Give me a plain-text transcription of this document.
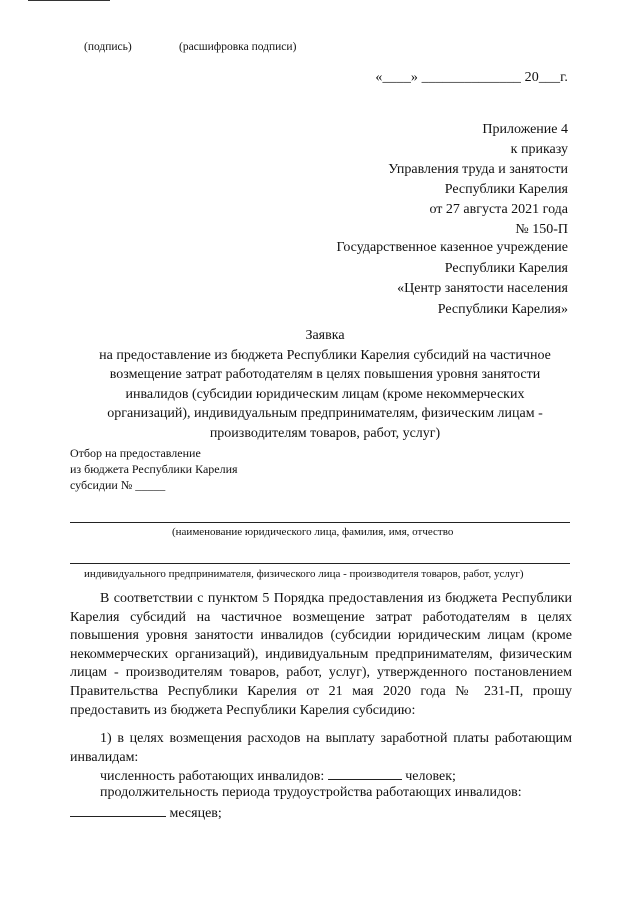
(подпись)	(расшифровка подписи)
«____» ______________ 20___г.
Приложение 4
к приказу
Управления труда и занятости
Республики Карелия
от 27 августа 2021 года
№ 150-П
Государственное казенное учреждение
Республики Карелия
«Центр занятости населения
Республики Карелия»
Заявка
на предоставление из бюджета Республики Карелия субсидий на частичное
возмещение затрат работодателям в целях повышения уровня занятости
инвалидов (субсидии юридическим лицам (кроме некоммерческих
организаций), индивидуальным предпринимателям, физическим лицам -
производителям товаров, работ, услуг)
Отбор на предоставление
из бюджета Республики Карелия
субсидии № _____
(наименование юридического лица, фамилия, имя, отчество
индивидуального предпринимателя, физического лица - производителя товаров, работ, услуг)
В соответствии с пунктом 5 Порядка предоставления из бюджета Республики Карелия субсидий на частичное возмещение затрат работодателям в целях повышения уровня занятости инвалидов (субсидии юридическим лицам (кроме некоммерческих организаций), индивидуальным предпринимателям, физическим лицам - производителям товаров, работ, услуг), утвержденного постановлением Правительства Республики Карелия от 21 мая 2020 года № 231-П, прошу предоставить из бюджета Республики Карелия субсидию:
1) в целях возмещения расходов на выплату заработной платы работающим инвалидам:
численность работающих инвалидов:	человек;
продолжительность периода трудоустройства работающих инвалидов:
месяцев;
